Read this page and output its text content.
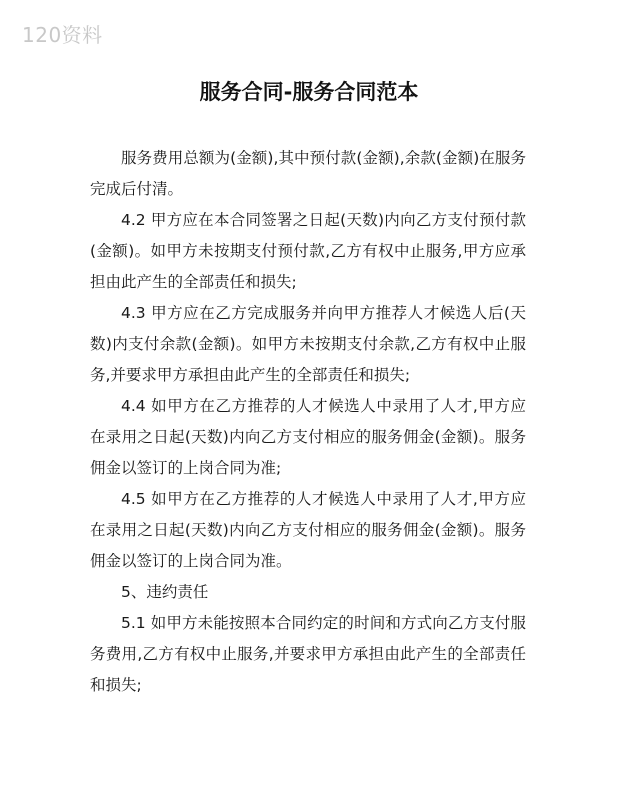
120资料
服务合同-服务合同范本

服务费用总额为(金额),其中预付款(金额),余款(金额)在服务完成后付清。

4.2 甲方应在本合同签署之日起(天数)内向乙方支付预付款(金额)。如甲方未按期支付预付款,乙方有权中止服务,甲方应承担由此产生的全部责任和损失;

4.3 甲方应在乙方完成服务并向甲方推荐人才候选人后(天数)内支付余款(金额)。如甲方未按期支付余款,乙方有权中止服务,并要求甲方承担由此产生的全部责任和损失;

4.4 如甲方在乙方推荐的人才候选人中录用了人才,甲方应在录用之日起(天数)内向乙方支付相应的服务佣金(金额)。服务佣金以签订的上岗合同为准;

4.5 如甲方在乙方推荐的人才候选人中录用了人才,甲方应在录用之日起(天数)内向乙方支付相应的服务佣金(金额)。服务佣金以签订的上岗合同为准。

5、违约责任

5.1 如甲方未能按照本合同约定的时间和方式向乙方支付服务费用,乙方有权中止服务,并要求甲方承担由此产生的全部责任和损失;
